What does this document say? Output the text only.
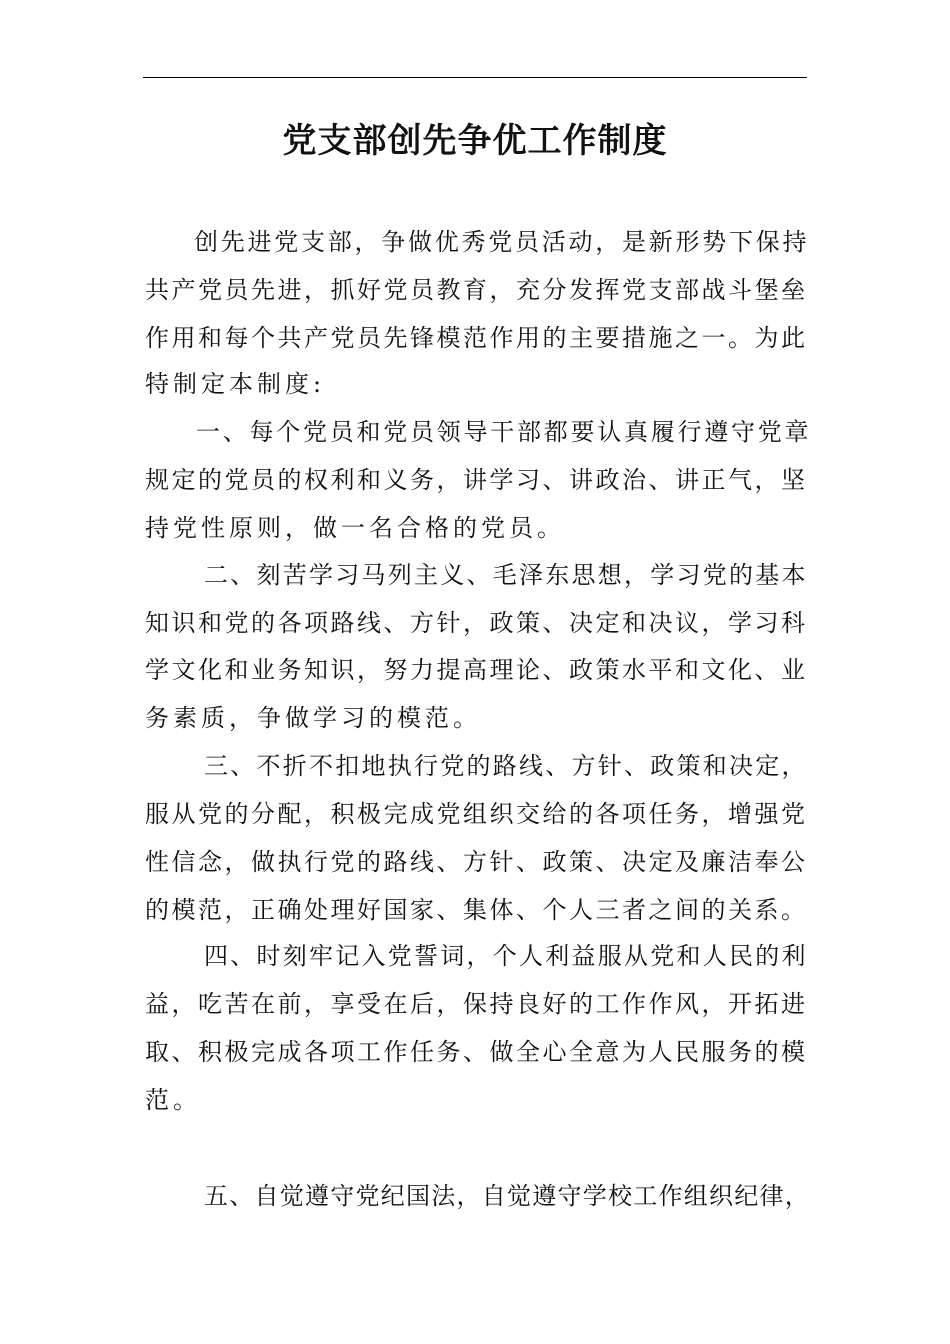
党支部创先争优工作制度
创先进党支部，争做优秀党员活动，是新形势下保持
共产党员先进，抓好党员教育，充分发挥党支部战斗堡垒
作用和每个共产党员先锋模范作用的主要措施之一。为此
特制定本制度:
一、每个党员和党员领导干部都要认真履行遵守党章
规定的党员的权利和义务，讲学习、讲政治、讲正气，坚
持党性原则，做一名合格的党员。
二、刻苦学习马列主义、毛泽东思想，学习党的基本
知识和党的各项路线、方针，政策、决定和决议，学习科
学文化和业务知识，努力提高理论、政策水平和文化、业
务素质，争做学习的模范。
三、不折不扣地执行党的路线、方针、政策和决定，
服从党的分配，积极完成党组织交给的各项任务，增强党
性信念，做执行党的路线、方针、政策、决定及廉洁奉公
的模范，正确处理好国家、集体、个人三者之间的关系。
四、时刻牢记入党誓词，个人利益服从党和人民的利
益，吃苦在前，享受在后，保持良好的工作作风，开拓进
取、积极完成各项工作任务、做全心全意为人民服务的模
范。
五、自觉遵守党纪国法，自觉遵守学校工作组织纪律，
